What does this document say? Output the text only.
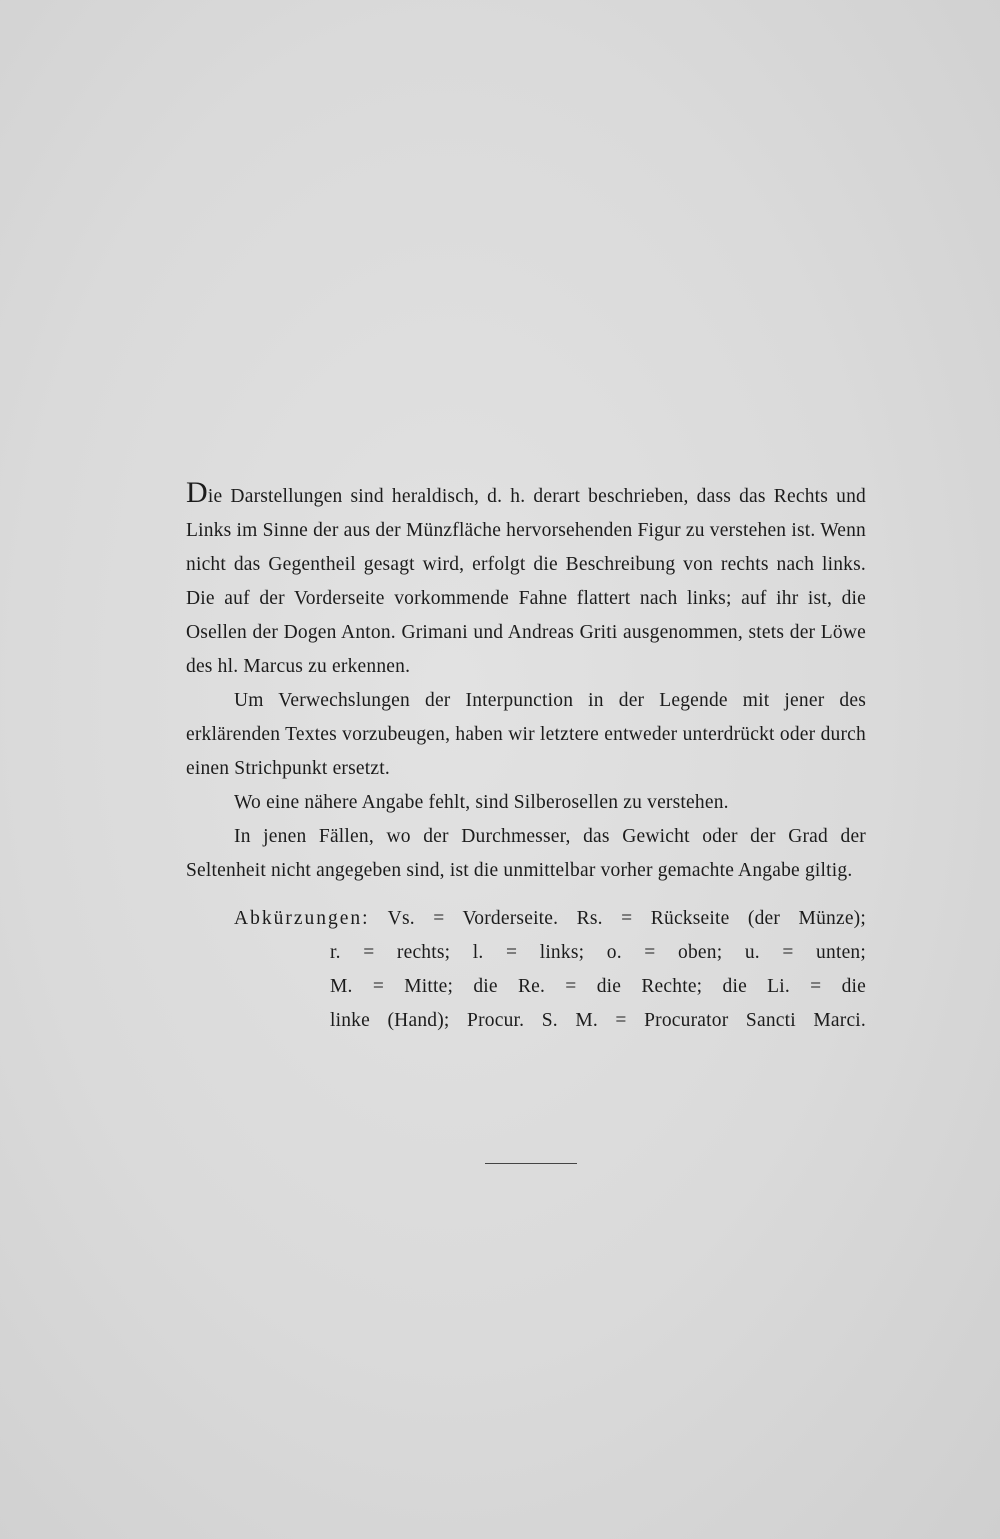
Die Darstellungen sind heraldisch, d. h. derart beschrieben, dass das Rechts und Links im Sinne der aus der Münzfläche hervorsehenden Figur zu verstehen ist. Wenn nicht das Gegentheil gesagt wird, erfolgt die Beschreibung von rechts nach links. Die auf der Vorderseite vorkommende Fahne flattert nach links; auf ihr ist, die Osellen der Dogen Anton. Grimani und Andreas Griti ausgenommen, stets der Löwe des hl. Marcus zu erkennen.

Um Verwechslungen der Interpunction in der Legende mit jener des erklärenden Textes vorzubeugen, haben wir letztere entweder unterdrückt oder durch einen Strichpunkt ersetzt.

Wo eine nähere Angabe fehlt, sind Silberosellen zu verstehen.

In jenen Fällen, wo der Durchmesser, das Gewicht oder der Grad der Seltenheit nicht angegeben sind, ist die unmittelbar vorher gemachte Angabe giltig.

Abkürzungen: Vs. = Vorderseite. Rs. = Rückseite (der Münze);

r. = rechts; l. = links; o. = oben; u. = unten;

M. = Mitte; die Re. = die Rechte; die Li. = die

linke (Hand); Procur. S. M. = Procurator Sancti Marci.
